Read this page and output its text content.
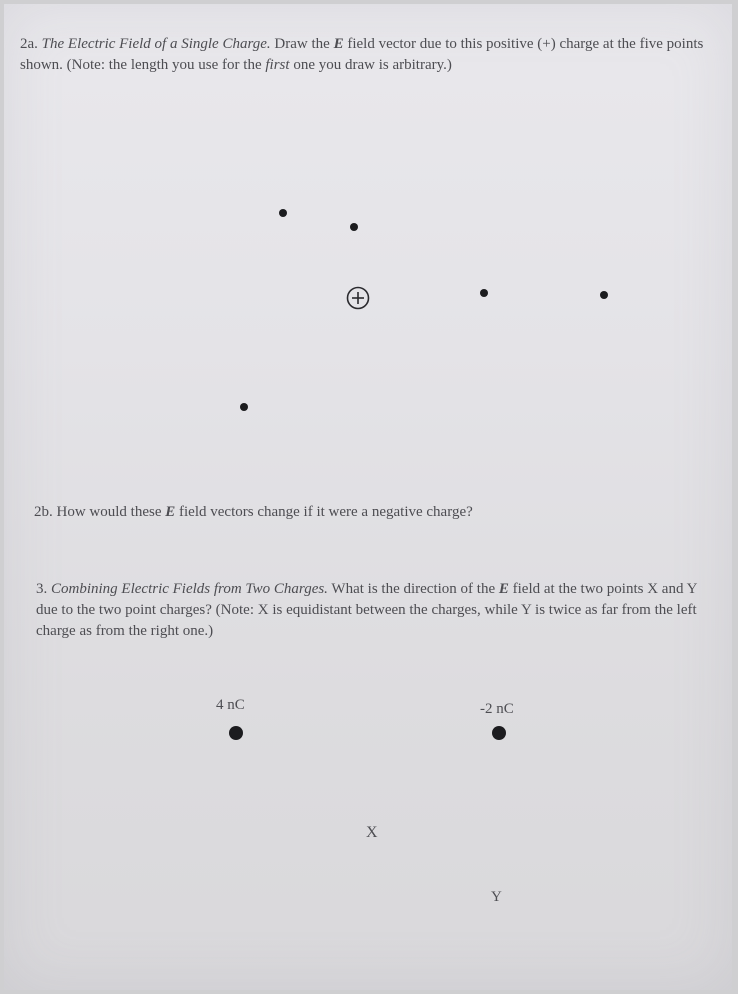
2a. The Electric Field of a Single Charge. Draw the E field vector due to this positive (+) charge at the five points shown. (Note: the length you use for the first one you draw is arbitrary.)

2b. How would these E field vectors change if it were a negative charge?

3. Combining Electric Fields from Two Charges. What is the direction of the E field at the two points X and Y due to the two point charges? (Note: X is equidistant between the charges, while Y is twice as far from the left charge as from the right one.)

4 nC	-2 nC
X
Y
